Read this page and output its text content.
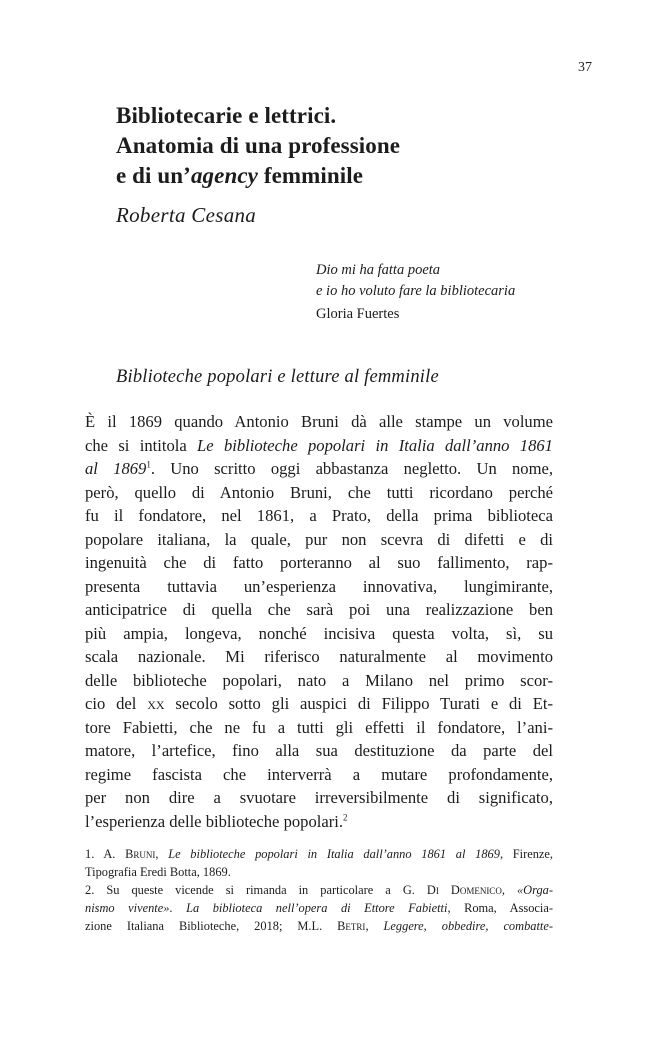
37
Bibliotecarie e lettrici.
Anatomia di una professione
e di un’agency femminile
Roberta Cesana
Dio mi ha fatta poeta
e io ho voluto fare la bibliotecaria
Gloria Fuertes
Biblioteche popolari e letture al femminile
È il 1869 quando Antonio Bruni dà alle stampe un volume
che si intitola Le biblioteche popolari in Italia dall’anno 1861
al 1869$^1$. Uno scritto oggi abbastanza negletto. Un nome,
però, quello di Antonio Bruni, che tutti ricordano perché
fu il fondatore, nel 1861, a Prato, della prima biblioteca
popolare italiana, la quale, pur non scevra di difetti e di
ingenuità che di fatto porteranno al suo fallimento, rap-
presenta tuttavia un’esperienza innovativa, lungimirante,
anticipatrice di quella che sarà poi una realizzazione ben
più ampia, longeva, nonché incisiva questa volta, sì, su
scala nazionale. Mi riferisco naturalmente al movimento
delle biblioteche popolari, nato a Milano nel primo scor-
cio del xx secolo sotto gli auspici di Filippo Turati e di Et-
tore Fabietti, che ne fu a tutti gli effetti il fondatore, l’ani-
matore, l’artefice, fino alla sua destituzione da parte del
regime fascista che interverrà a mutare profondamente,
per non dire a svuotare irreversibilmente di significato,
l’esperienza delle biblioteche popolari.$^2$
1. A. Bruni, Le biblioteche popolari in Italia dall’anno 1861 al 1869, Firenze,
Tipografia Eredi Botta, 1869.
2. Su queste vicende si rimanda in particolare a G. Di Domenico, «Orga-
nismo vivente». La biblioteca nell’opera di Ettore Fabietti, Roma, Associa-
zione Italiana Biblioteche, 2018; M.L. Betri, Leggere, obbedire, combatte-
